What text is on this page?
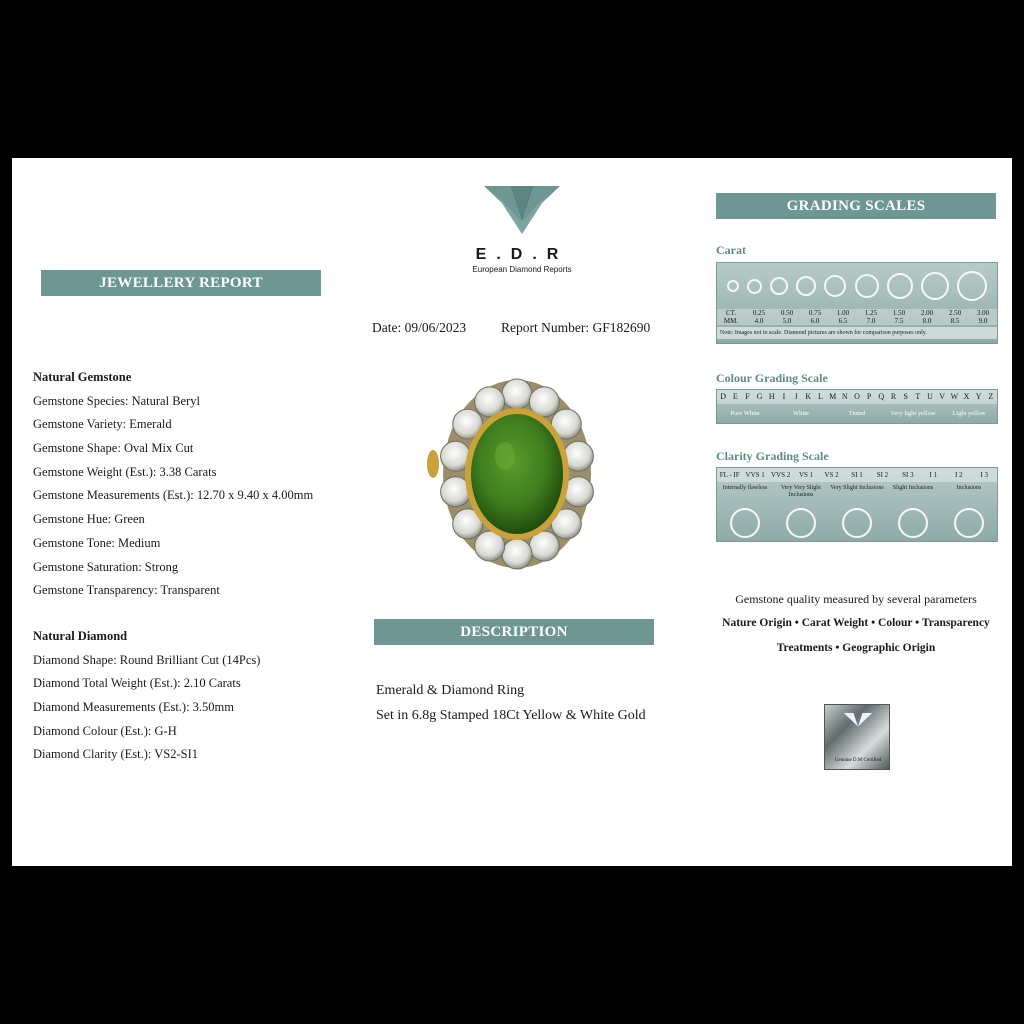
E.D.R
European Diamond Reports
JEWELLERY REPORT
Date: 09/06/2023	Report Number: GF182690
Natural Gemstone
Gemstone Species: Natural Beryl
Gemstone Variety: Emerald
Gemstone Shape: Oval Mix Cut
Gemstone Weight (Est.): 3.38 Carats
Gemstone Measurements (Est.): 12.70 x 9.40 x 4.00mm
Gemstone Hue: Green
Gemstone Tone: Medium
Gemstone Saturation: Strong
Gemstone Transparency: Transparent
Natural Diamond
Diamond Shape: Round Brilliant Cut (14Pcs)
Diamond Total Weight (Est.): 2.10 Carats
Diamond Measurements (Est.): 3.50mm
Diamond Colour (Est.): G-H
Diamond Clarity (Est.): VS2-SI1
DESCRIPTION
Emerald & Diamond Ring
Set in 6.8g Stamped 18Ct Yellow & White Gold
GRADING SCALES
Carat
CT.	0.25	0.50	0.75	1.00	1.25	1.50	2.00	2.50	3.00
MM.	4.0	5.0	6.0	6.5	7.0	7.5	8.0	8.5	9.0
Note: Images not to scale. Diamond pictures are shown for comparison purposes only.
Colour Grading Scale
D E F G H I	J K L M N O P Q R S T U V W X Y Z
Pure White	White	Tinted	Very light yellow	Light yellow
Clarity Grading Scale
FL - IF VVS 1 VVS 2	VS 1	VS 2	SI 1	SI 2	SI 3	I 1	I 2	I 3
Internally flawless	Very Very Slight Inclusions
Very Slight Inclusions	Slight Inclusions	Inclusions
Gemstone quality measured by several parameters
Nature Origin • Carat Weight • Colour • Transparency
Treatments • Geographic Origin
Genuine D.M Certified
